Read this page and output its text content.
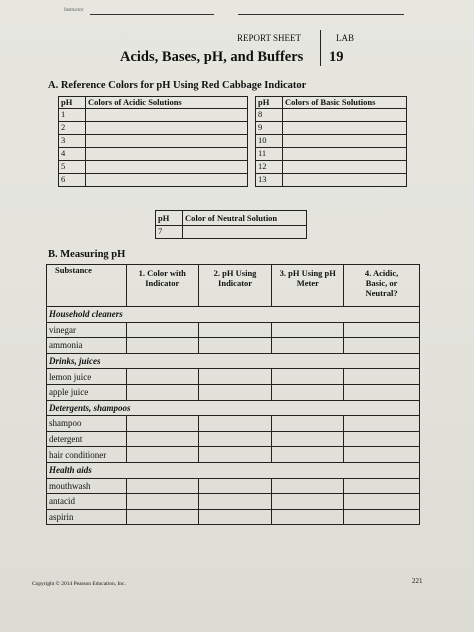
Instructor
REPORT SHEET	LAB
Acids, Bases, pH, and Buffers 19
A. Reference Colors for pH Using Red Cabbage Indicator
pH	Colors of Acidic Solutions
1	
2	
3	
4	
5	
6	
pH	Colors of Basic Solutions
8	
9	
10	
11	
12	
13	
pH	Color of Neutral Solution
7	
B. Measuring pH
Substance	1. Color with Indicator	2. pH Using Indicator	3. pH Using pH Meter	4. Acidic, Basic, or Neutral?
Household cleaners				
vinegar				
ammonia				
Drinks, juices				
lemon juice				
apple juice				
Detergents, shampoos				
shampoo				
detergent				
hair conditioner				
Health aids				
mouthwash				
antacid				
aspirin				
Copyright © 2014 Pearson Education, Inc.	221
